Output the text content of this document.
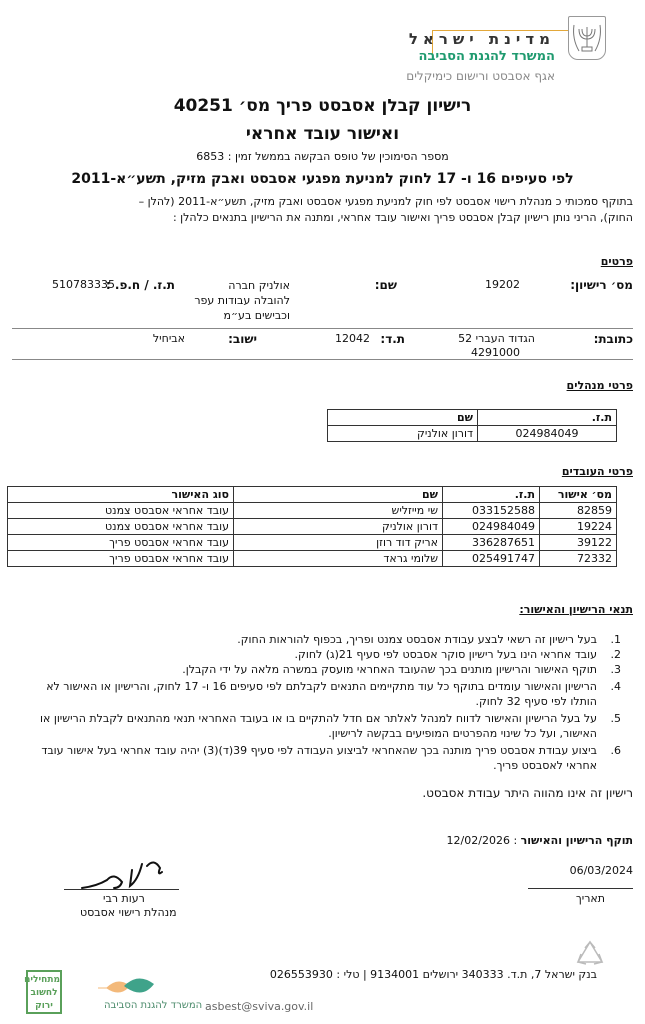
מדינת ישראל
המשרד להגנת הסביבה
אגף אסבסט ורישום כימיקלים
רישיון קבלן אסבסט פריך מס׳ 40251
ואישור עובד אחראי
מספר הסימוכין של טופס הבקשה בממשל זמין : 6853
לפי סעיפים 16 ו- 17 לחוק למניעת מפגעי אסבסט ואבק מזיק, תשע״א-2011
בתוקף סמכותי כ מנהלת רישוי אסבסט לפי חוק למניעת מפגעי אסבסט ואבק מזיק, תשע״א-2011 (להלן –
החוק), הריני נותן רישיון קבלן אסבסט פריך ואישור עובד אחראי, ומתנה את הרישיון בתנאים כלהלן :
פרטים
מס׳ רישיון:
19202
שם:
אולניק חברה להובלה עבודות עפר וכבישים בע״מ
ת.ז. / ח.פ. :
510783335
כתובת:
הגדוד העברי 52
4291000
ת.ד:
12042
ישוב:
אביחיל
פרטי מנהלים
ת.ז.	שם
024984049	דורון אולניק
פרטי העובדים
מס׳ אישור	ת.ז.	שם	סוג האישור
82859	033152588	שי מייזליש	עובד אחראי אסבסט צמנט
19224	024984049	דורון אולניק	עובד אחראי אסבסט צמנט
39122	336287651	אריק דוד רוזן	עובד אחראי אסבסט פריך
72332	025491747	שלומי גראד	עובד אחראי אסבסט פריך
תנאי הרישיון והאישור:
1.
בעל רישיון זה רשאי לבצע עבודת אסבסט צמנט ופריך, בכפוף להוראות החוק.
2.
עובד אחראי הינו בעל רישיון סוקר אסבסט לפי סעיף 21(ג) לחוק.
3.
תוקף האישור והרישיון מותנים בכך שהעובד האחראי מועסק במשרה מלאה על ידי הקבלן.
4.
הרישיון והאישור עומדים בתוקף כל עוד מתקיימים התנאים לקבלתם לפי סעיפים 16 ו- 17 לחוק, והרישיון או האישור לא הותלו לפי סעיף 32 לחוק.
5.
על בעל הרישיון והאישור לדווח למנהל לאלתר אם חדל להתקיים בו או בעובד האחראי תנאי מהתנאים לקבלת הרישיון או האישור, ועל כל שינוי מהפרטים המופיעים בבקשה לרישיון.
6.
ביצוע עבודת אסבסט פריך מותנה בכך שהאחראי לביצוע העבודה לפי סעיף 39(ד)(3) יהיה עובד אחראי בעל אישור עובד אחראי לאסבסט פריך.
רישיון זה אינו מהווה היתר עבודת אסבסט.
תוקף הרישיון והאישור : 12/02/2026
06/03/2024
תאריך
רעות רבי
מנהלת רישוי אסבסט
בנק ישראל 7, ת.ד. 340333 ירושלים 9134001 | טלי : 026553930
asbest@sviva.gov.il
המשרד להגנת הסביבה
מתחילים לחשוב ירוק
